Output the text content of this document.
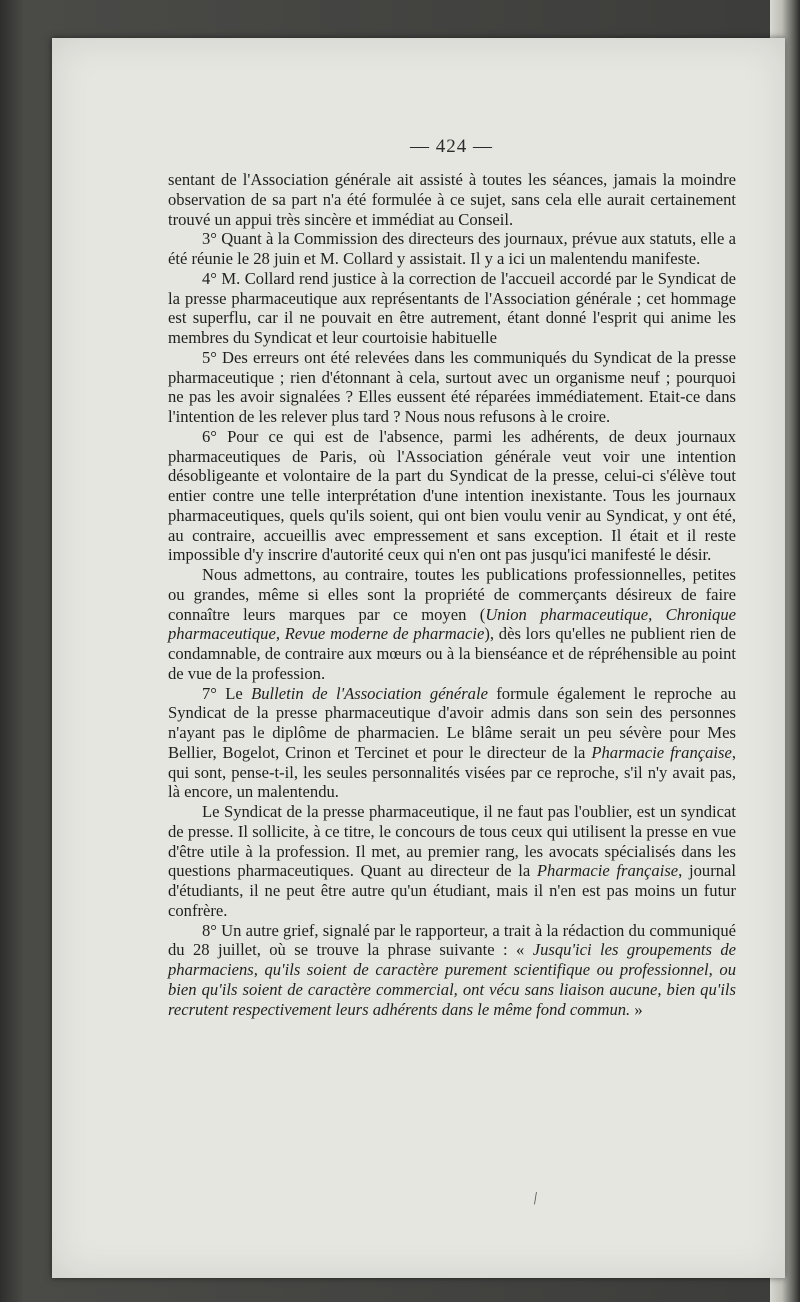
— 424 —

sentant de l'Association générale ait assisté à toutes les séances, jamais la moindre observation de sa part n'a été formulée à ce sujet, sans cela elle aurait certainement trouvé un appui très sincère et immédiat au Conseil.

3° Quant à la Commission des directeurs des journaux, prévue aux statuts, elle a été réunie le 28 juin et M. Collard y assistait. Il y a ici un malentendu manifeste.

4° M. Collard rend justice à la correction de l'accueil accordé par le Syndicat de la presse pharmaceutique aux représentants de l'Association générale ; cet hommage est superflu, car il ne pouvait en être autrement, étant donné l'esprit qui anime les membres du Syndicat et leur courtoisie habituelle

5° Des erreurs ont été relevées dans les communiqués du Syndicat de la presse pharmaceutique ; rien d'étonnant à cela, surtout avec un organisme neuf ; pourquoi ne pas les avoir signalées ? Elles eussent été réparées immédiatement. Etait-ce dans l'intention de les relever plus tard ? Nous nous refusons à le croire.

6° Pour ce qui est de l'absence, parmi les adhérents, de deux journaux pharmaceutiques de Paris, où l'Association générale veut voir une intention désobligeante et volontaire de la part du Syndicat de la presse, celui-ci s'élève tout entier contre une telle interprétation d'une intention inexistante. Tous les journaux pharmaceutiques, quels qu'ils soient, qui ont bien voulu venir au Syndicat, y ont été, au contraire, accueillis avec empressement et sans exception. Il était et il reste impossible d'y inscrire d'autorité ceux qui n'en ont pas jusqu'ici manifesté le désir.

Nous admettons, au contraire, toutes les publications professionnelles, petites ou grandes, même si elles sont la propriété de commerçants désireux de faire connaître leurs marques par ce moyen (Union pharmaceutique, Chronique pharmaceutique, Revue moderne de pharmacie), dès lors qu'elles ne publient rien de condamnable, de contraire aux mœurs ou à la bienséance et de répréhensible au point de vue de la profession.

7° Le Bulletin de l'Association générale formule également le reproche au Syndicat de la presse pharmaceutique d'avoir admis dans son sein des personnes n'ayant pas le diplôme de pharmacien. Le blâme serait un peu sévère pour Mes Bellier, Bogelot, Crinon et Tercinet et pour le directeur de la Pharmacie française, qui sont, pense-t-il, les seules personnalités visées par ce reproche, s'il n'y avait pas, là encore, un malentendu.

Le Syndicat de la presse pharmaceutique, il ne faut pas l'oublier, est un syndicat de presse. Il sollicite, à ce titre, le concours de tous ceux qui utilisent la presse en vue d'être utile à la profession. Il met, au premier rang, les avocats spécialisés dans les questions pharmaceutiques. Quant au directeur de la Pharmacie française, journal d'étudiants, il ne peut être autre qu'un étudiant, mais il n'en est pas moins un futur confrère.

8° Un autre grief, signalé par le rapporteur, a trait à la rédaction du communiqué du 28 juillet, où se trouve la phrase suivante : « Jusqu'ici les groupements de pharmaciens, qu'ils soient de caractère purement scientifique ou professionnel, ou bien qu'ils soient de caractère commercial, ont vécu sans liaison aucune, bien qu'ils recrutent respectivement leurs adhérents dans le même fond commun. »

/
